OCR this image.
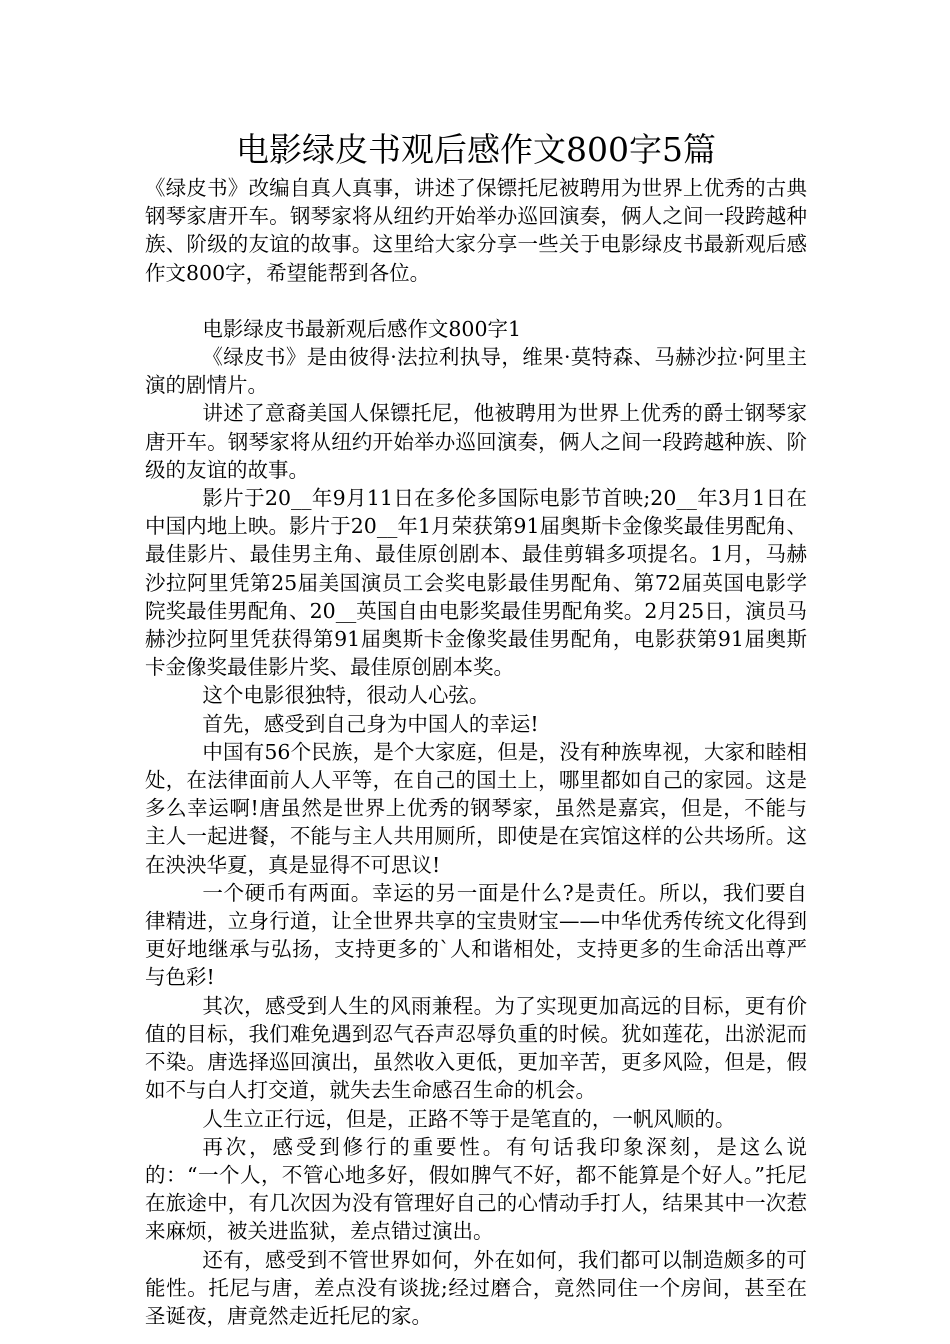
电影绿皮书观后感作文800字5篇

《绿皮书》改编自真人真事，讲述了保镖托尼被聘用为世界上优秀的古典钢琴家唐开车。钢琴家将从纽约开始举办巡回演奏，俩人之间一段跨越种族、阶级的友谊的故事。这里给大家分享一些关于电影绿皮书最新观后感作文800字，希望能帮到各位。

电影绿皮书最新观后感作文800字1

《绿皮书》是由彼得·法拉利执导，维果·莫特森、马赫沙拉·阿里主演的剧情片。

讲述了意裔美国人保镖托尼，他被聘用为世界上优秀的爵士钢琴家唐开车。钢琴家将从纽约开始举办巡回演奏，俩人之间一段跨越种族、阶级的友谊的故事。

影片于20__年9月11日在多伦多国际电影节首映;20__年3月1日在中国内地上映。影片于20__年1月荣获第91届奥斯卡金像奖最佳男配角、最佳影片、最佳男主角、最佳原创剧本、最佳剪辑多项提名。1月，马赫沙拉阿里凭第25届美国演员工会奖电影最佳男配角、第72届英国电影学院奖最佳男配角、20__英国自由电影奖最佳男配角奖。2月25日，演员马赫沙拉阿里凭获得第91届奥斯卡金像奖最佳男配角，电影获第91届奥斯卡金像奖最佳影片奖、最佳原创剧本奖。

这个电影很独特，很动人心弦。

首先，感受到自己身为中国人的幸运!

中国有56个民族，是个大家庭，但是，没有种族卑视，大家和睦相处，在法律面前人人平等，在自己的国土上，哪里都如自己的家园。这是多么幸运啊!唐虽然是世界上优秀的钢琴家，虽然是嘉宾，但是，不能与主人一起进餐，不能与主人共用厕所，即使是在宾馆这样的公共场所。这在泱泱华夏，真是显得不可思议!

一个硬币有两面。幸运的另一面是什么?是责任。所以，我们要自律精进，立身行道，让全世界共享的宝贵财宝——中华优秀传统文化得到更好地继承与弘扬，支持更多的`人和谐相处，支持更多的生命活出尊严与色彩!

其次，感受到人生的风雨兼程。为了实现更加高远的目标，更有价值的目标，我们难免遇到忍气吞声忍辱负重的时候。犹如莲花，出淤泥而不染。唐选择巡回演出，虽然收入更低，更加辛苦，更多风险，但是，假如不与白人打交道，就失去生命感召生命的机会。

人生立正行远，但是，正路不等于是笔直的，一帆风顺的。

再次，感受到修行的重要性。有句话我印象深刻，是这么说的：“一个人，不管心地多好，假如脾气不好，都不能算是个好人。”托尼在旅途中，有几次因为没有管理好自己的心情动手打人，结果其中一次惹来麻烦，被关进监狱，差点错过演出。

还有，感受到不管世界如何，外在如何，我们都可以制造颇多的可能性。托尼与唐，差点没有谈拢;经过磨合，竟然同住一个房间，甚至在圣诞夜，唐竟然走近托尼的家。
